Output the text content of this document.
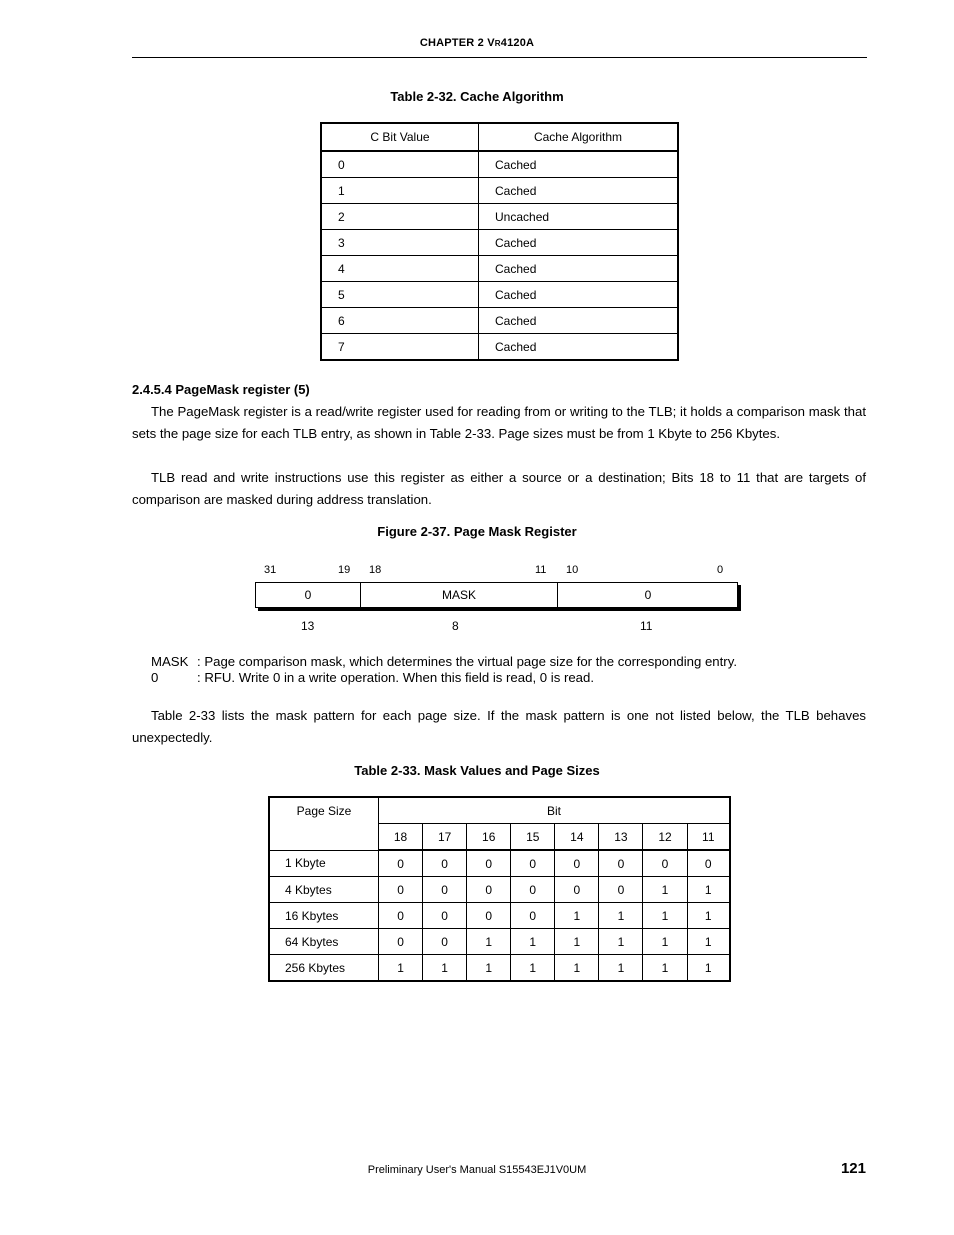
CHAPTER 2 VR4120A
Table 2-32. Cache Algorithm
C Bit Value	Cache Algorithm
0	Cached
1	Cached
2	Uncached
3	Cached
4	Cached
5	Cached
6	Cached
7	Cached
2.4.5.4 PageMask register (5)

The PageMask register is a read/write register used for reading from or writing to the TLB; it holds a comparison mask that sets the page size for each TLB entry, as shown in Table 2-33. Page sizes must be from 1 Kbyte to 256 Kbytes.

TLB read and write instructions use this register as either a source or a destination; Bits 18 to 11 that are targets of comparison are masked during address translation.

Figure 2-37. Page Mask Register
31	19 18	11 10	0
0	MASK	0
13	8	11
MASK : Page comparison mask, which determines the virtual page size for the corresponding entry.
0	: RFU. Write 0 in a write operation. When this field is read, 0 is read.

Table 2-33 lists the mask pattern for each page size. If the mask pattern is one not listed below, the TLB behaves unexpectedly.

Table 2-33. Mask Values and Page Sizes
Page Size	Bit							
	18	17	16	15	14	13	12	11
1 Kbyte	0	0	0	0	0	0	0	0
4 Kbytes	0	0	0	0	0	0	1	1
16 Kbytes	0	0	0	0	1	1	1	1
64 Kbytes	0	0	1	1	1	1	1	1
256 Kbytes	1	1	1	1	1	1	1	1
Preliminary User's Manual S15543EJ1V0UM	121
